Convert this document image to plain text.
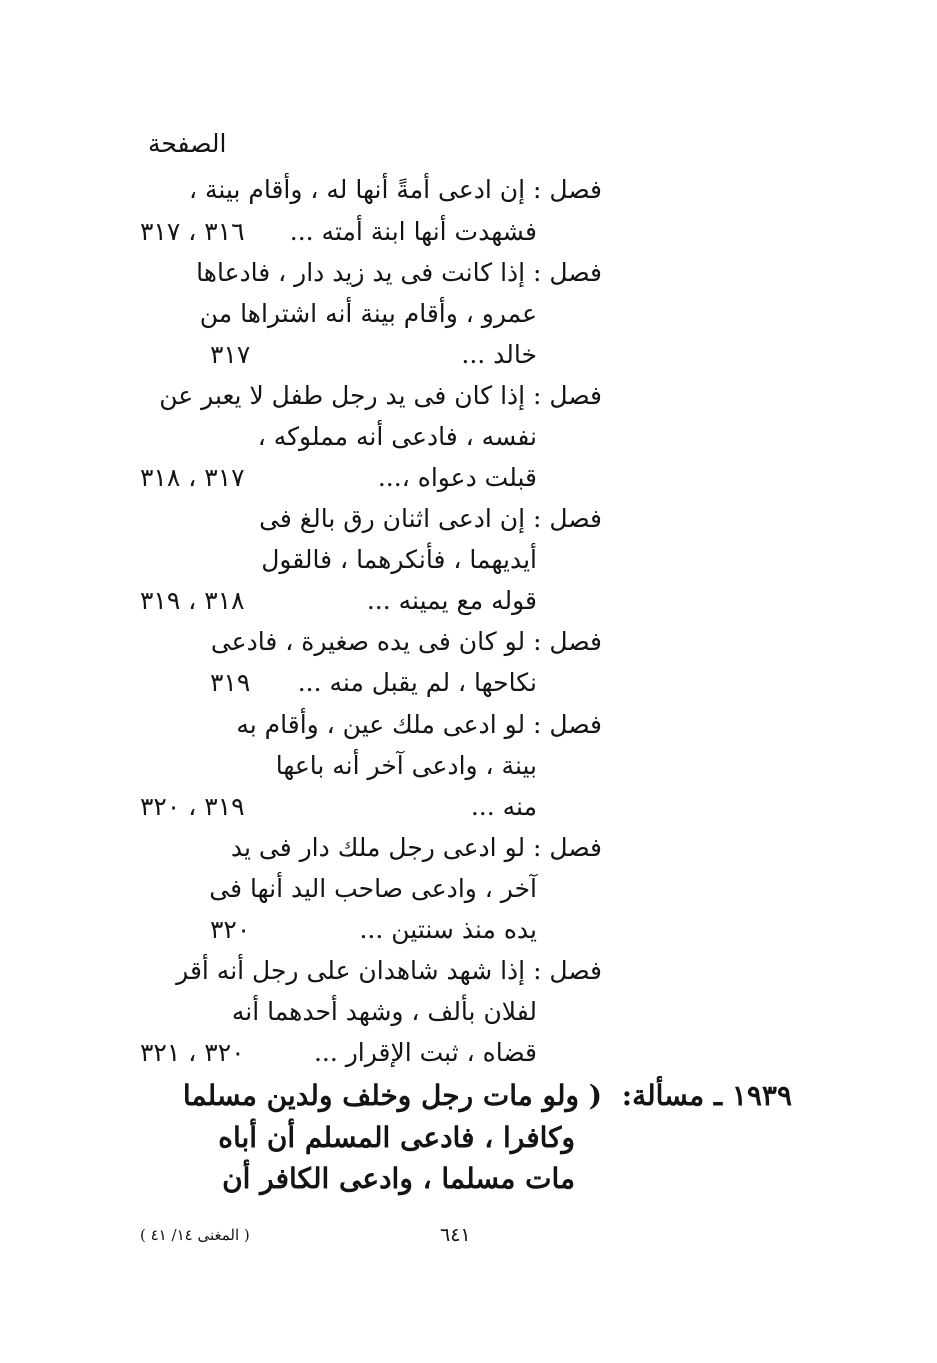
الصفحة
فصل : إن ادعى أمةً أنها له ، وأقام بينة ،
فشهدت أنها ابنة أمته ...
٣١٦ ، ٣١٧
فصل : إذا كانت فى يد زيد دار ، فادعاها
عمرو ، وأقام بينة أنه اشتراها من
خالد ...
٣١٧
فصل : إذا كان فى يد رجل طفل لا يعبر عن
نفسه ، فادعى أنه مملوكه ،
قبلت دعواه ،...
٣١٧ ، ٣١٨
فصل : إن ادعى اثنان رق بالغ فى
أيديهما ، فأنكرهما ، فالقول
قوله مع يمينه ...
٣١٨ ، ٣١٩
فصل : لو كان فى يده صغيرة ، فادعى
نكاحها ، لم يقبل منه ...
٣١٩
فصل : لو ادعى ملك عين ، وأقام به
بينة ، وادعى آخر أنه باعها
منه ...
٣١٩ ، ٣٢٠
فصل : لو ادعى رجل ملك دار فى يد
آخر ، وادعى صاحب اليد أنها فى
يده منذ سنتين ...
٣٢٠
فصل : إذا شهد شاهدان على رجل أنه أقر
لفلان بألف ، وشهد أحدهما أنه
قضاه ، ثبت الإقرار ...
٣٢٠ ، ٣٢١
١٩٣٩ ـ مسألة:
( ولو مات رجل وخلف ولدين مسلما
وكافرا ، فادعى المسلم أن أباه
مات مسلما ، وادعى الكافر أن
٦٤١
( المغنى ١٤/ ٤١ )
